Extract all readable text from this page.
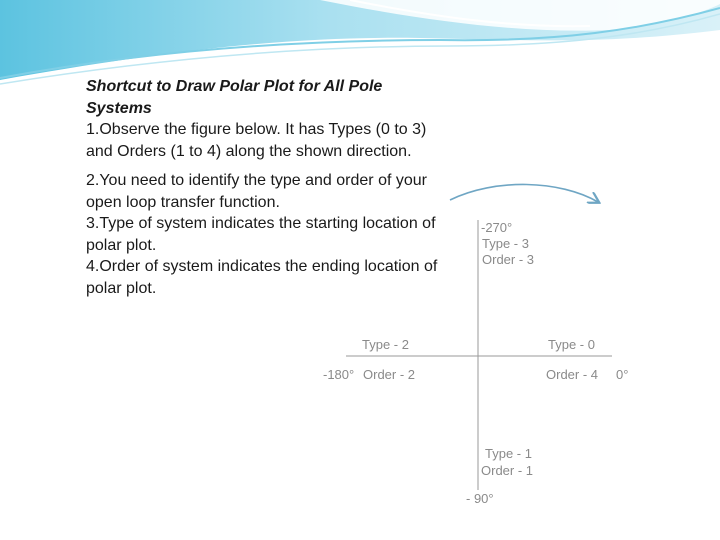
Shortcut to Draw Polar Plot for All Pole Systems

1.Observe the figure below. It has Types (0 to 3) and Orders (1 to 4) along the shown direction.

2.You need to identify the type and order of your open loop transfer function.

3.Type of system indicates the starting location of polar plot.

4.Order of system indicates the ending location of polar plot.

-270°
Type - 3
Order - 3
Type - 2
-180° Order - 2
Type - 0
Order - 4 0°
Type - 1
Order - 1
- 90°
